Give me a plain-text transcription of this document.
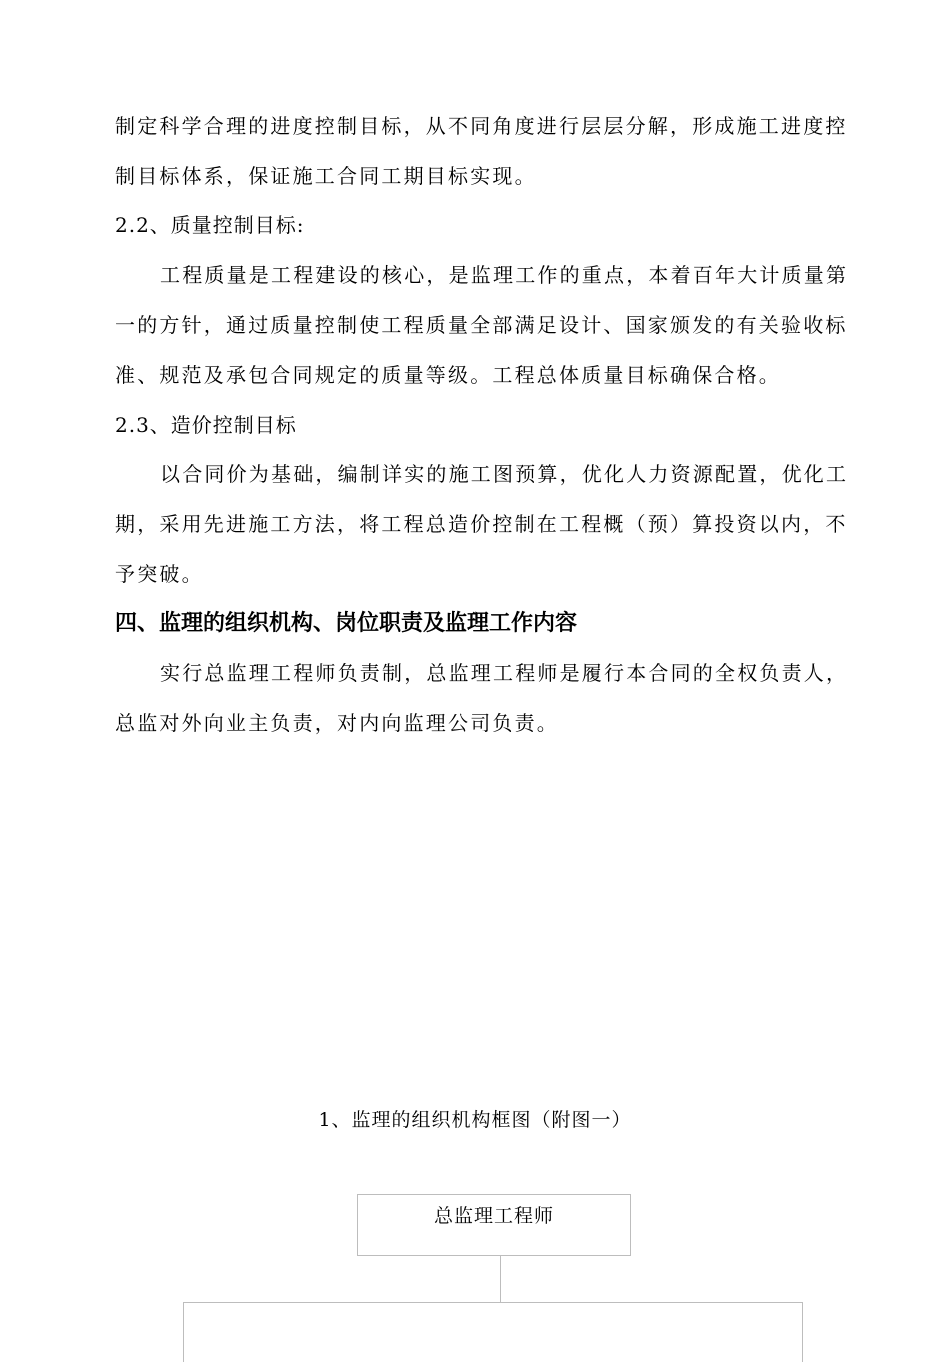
制定科学合理的进度控制目标，从不同角度进行层层分解，形成施工进度控
制目标体系，保证施工合同工期目标实现。
2.2、质量控制目标:
工程质量是工程建设的核心，是监理工作的重点，本着百年大计质量第
一的方针，通过质量控制使工程质量全部满足设计、国家颁发的有关验收标
准、规范及承包合同规定的质量等级。工程总体质量目标确保合格。
2.3、造价控制目标
以合同价为基础，编制详实的施工图预算，优化人力资源配置，优化工
期，采用先进施工方法，将工程总造价控制在工程概（预）算投资以内，不
予突破。
四、监理的组织机构、岗位职责及监理工作内容
实行总监理工程师负责制，总监理工程师是履行本合同的全权负责人，
总监对外向业主负责，对内向监理公司负责。
1、监理的组织机构框图（附图一）
总监理工程师
